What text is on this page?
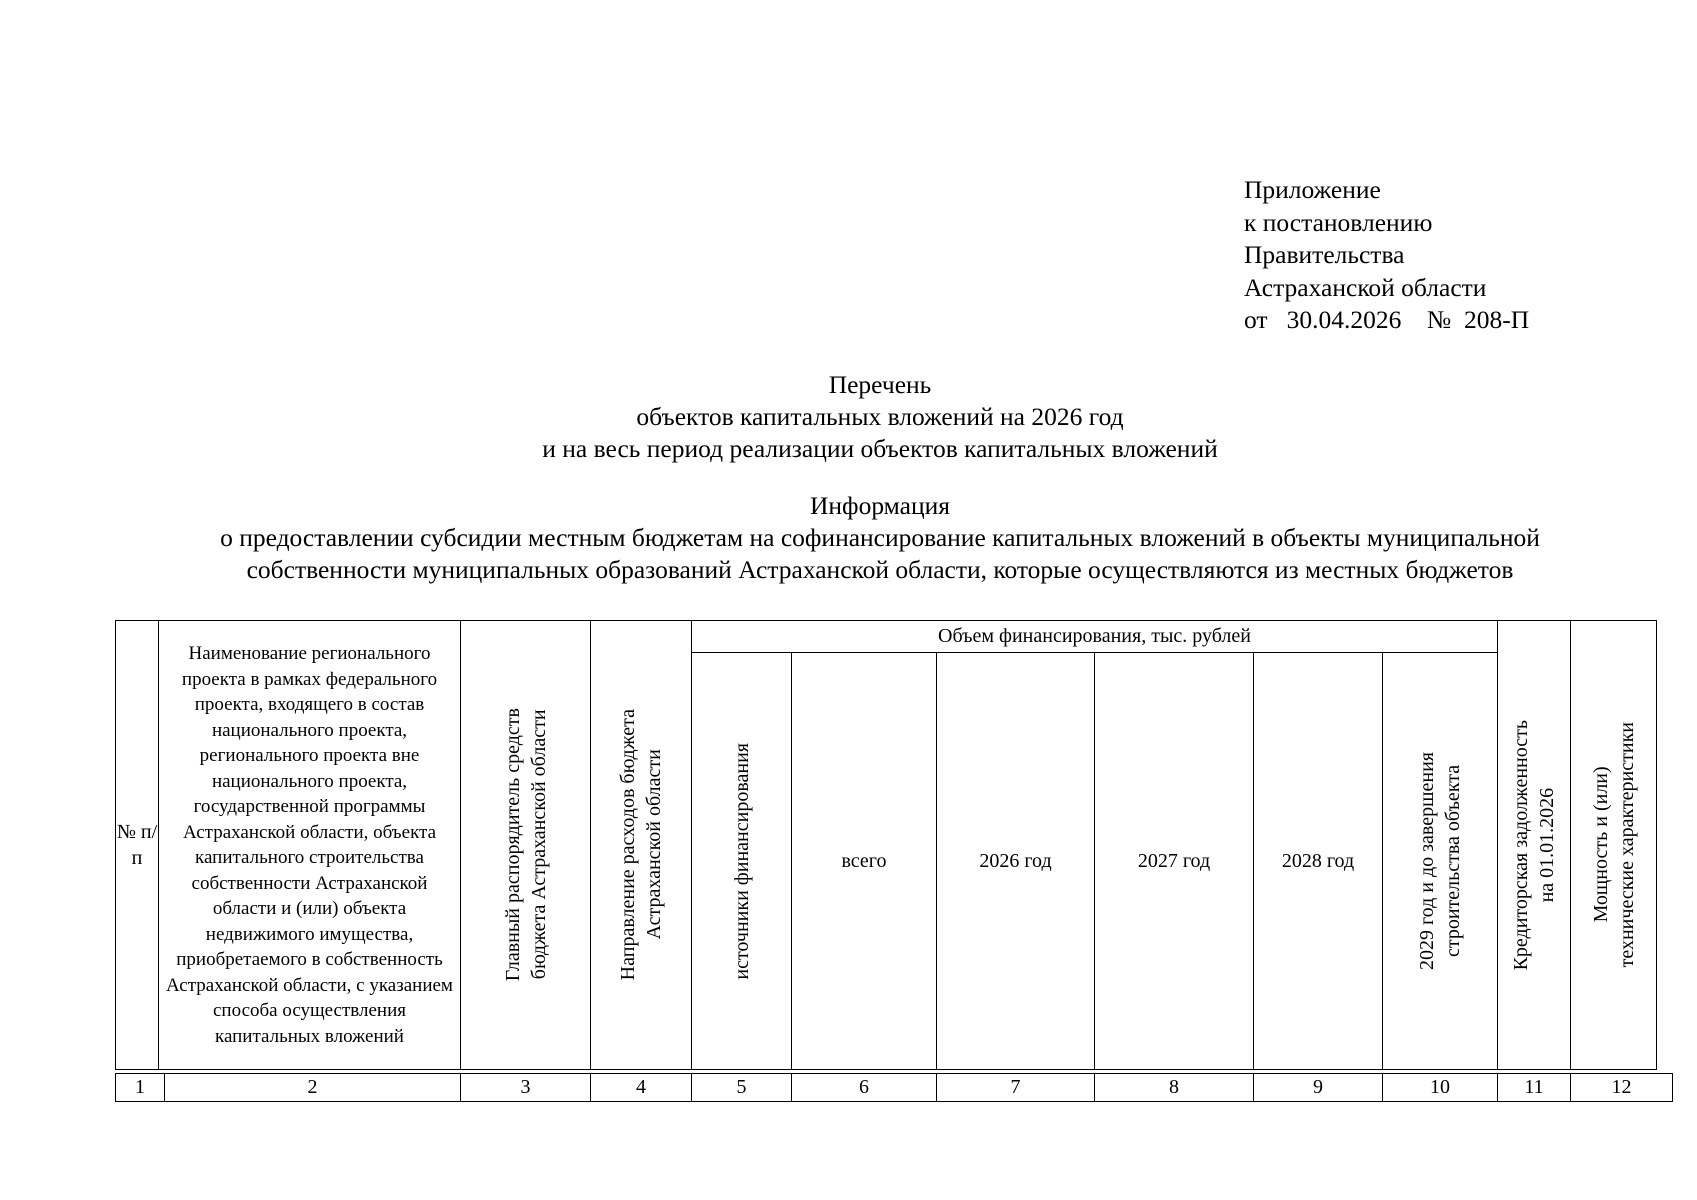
Приложение
к постановлению
Правительства
Астраханской области
от   30.04.2026    №  208-П
Перечень
объектов капитальных вложений на 2026 год
и на весь период реализации объектов капитальных вложений
Информация
о предоставлении субсидии местным бюджетам на софинансирование капитальных вложений в объекты муниципальной
собственности муниципальных образований Астраханской области, которые осуществляются из местных бюджетов
№ п/п	Наименование регионального проекта в рамках федерального проекта, входящего в состав национального проекта, регионального проекта вне национального проекта, государственной программы Астраханской области, объекта капитального строительства собственности Астраханской области и (или) объекта недвижимого имущества, приобретаемого в собственность Астраханской области, с указанием способа осуществления капитальных вложений	Главный распорядитель средств бюджета Астраханской области	Направление расходов бюджета Астраханской области	Объем финансирования, тыс. рублей						Кредиторская задолженность на 01.01.2026	Мощность и (или) технические характеристики

				источники финансирования	всего	2026 год	2027 год	2028 год	2029 год и до завершения строительства объекта		
1	2	3	4	5	6	7	8	9	10	11	12
